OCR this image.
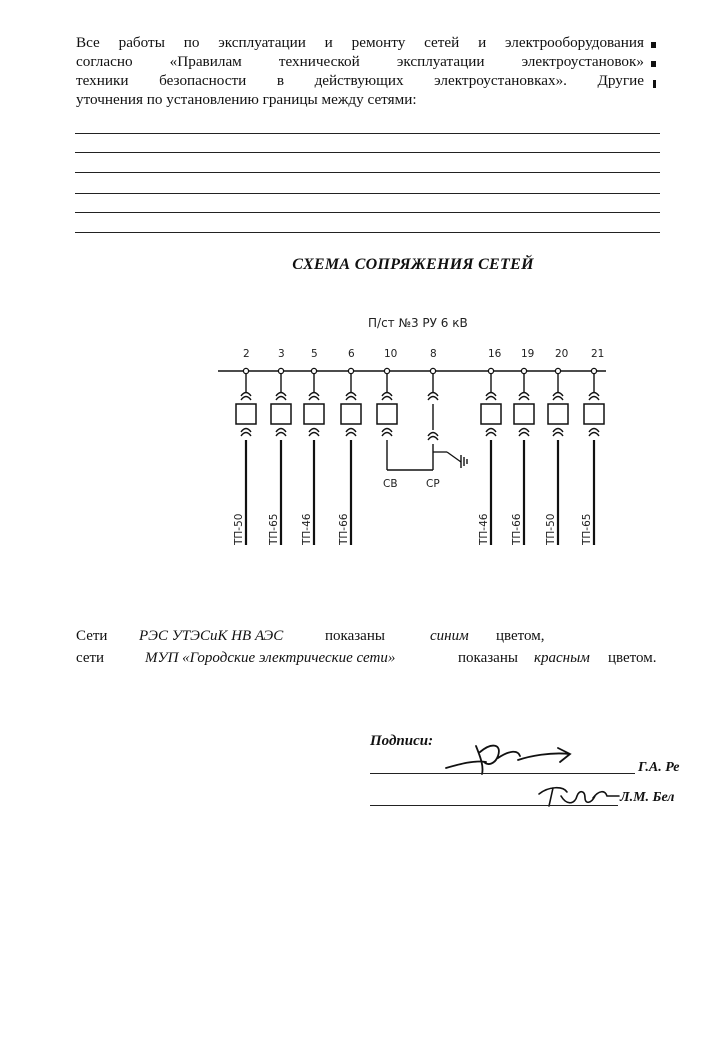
Все работы по эксплуатации и ремонту сетей и электрооборудования
согласно «Правилам технической эксплуатации электроустановок»
техники безопасности в действующих электроустановках». Другие
уточнения по установлению границы между сетями:
СХЕМА СОПРЯЖЕНИЯ СЕТЕЙ
П/ст №3 РУ 6 кВ
2
ТП-50
3
ТП-65
5
ТП-46
6
ТП-66
10	8	16
ТП-46
19
ТП-66
20
ТП-50
21
ТП-65
СВ	СР
Сети РЭС УТЭСиК НВ АЭС	показаны	синим цветом,
сети	МУП «Городские электрические сети»	показаны красным цветом.
Подписи:
Г.А. Ре
Л.М. Бел
